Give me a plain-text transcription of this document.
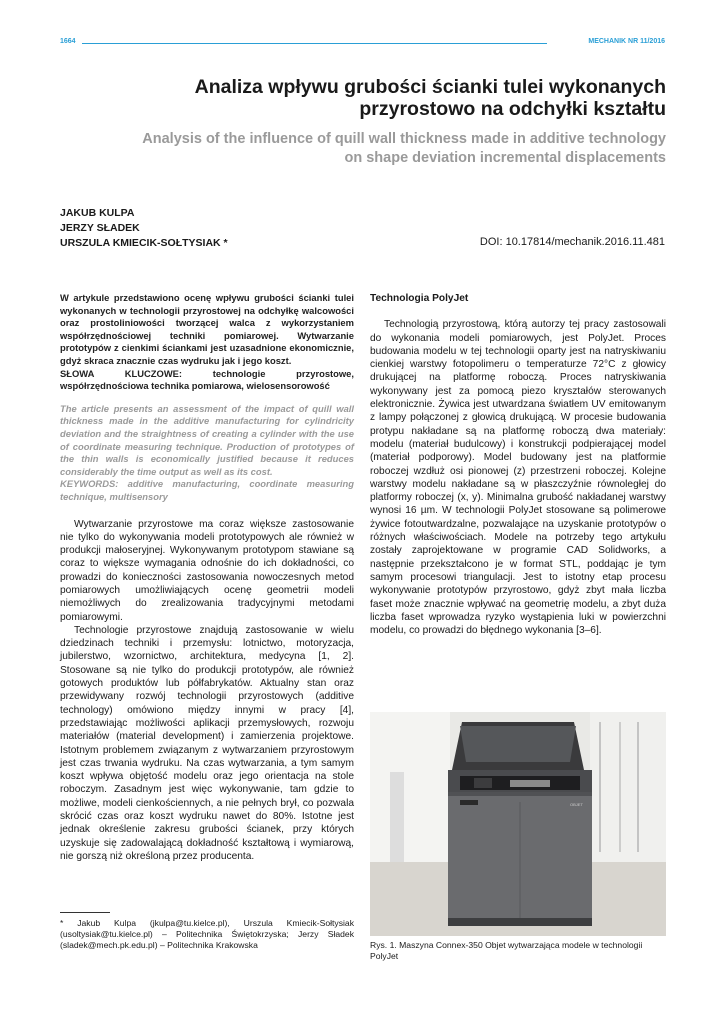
1664	MECHANIK NR 11/2016
Analiza wpływu grubości ścianki tulei wykonanych
przyrostowo na odchyłki kształtu
Analysis of the influence of quill wall thickness made in additive technology
on shape deviation incremental displacements
JAKUB KULPA
JERZY SŁADEK
URSZULA KMIECIK-SOŁTYSIAK *	DOI: 10.17814/mechanik.2016.11.481
W artykule przedstawiono ocenę wpływu grubości ścianki tulei wykonanych w technologii przyrostowej na odchyłkę walcowości oraz prostoliniowości tworzącej walca z wykorzystaniem współrzędnościowej techniki pomiarowej. Wytwarzanie prototypów z cienkimi ściankami jest uzasadnione ekonomicznie, gdyż skraca znacznie czas wydruku jak i jego koszt.
SŁOWA KLUCZOWE: technologie przyrostowe, współrzędnościowa technika pomiarowa, wielosensorowość
The article presents an assessment of the impact of quill wall thickness made in the additive manufacturing for cylindricity deviation and the straightness of creating a cylinder with the use of coordinate measuring technique. Production of prototypes of the thin walls is economically justified because it reduces considerably the time output as well as its cost.
KEYWORDS: additive manufacturing, coordinate measuring technique, multisensory

Wytwarzanie przyrostowe ma coraz większe zastosowanie nie tylko do wykonywania modeli prototypowych ale również w produkcji małoseryjnej. Wykonywanym prototypom stawiane są coraz to większe wymagania odnośnie do ich dokładności, co prowadzi do konieczności zastosowania nowoczesnych metod pomiarowych umożliwiających ocenę geometrii modeli niemożliwych do zrealizowania tradycyjnymi metodami pomiarowymi.

Technologie przyrostowe znajdują zastosowanie w wielu dziedzinach techniki i przemysłu: lotnictwo, motoryzacja, jubilerstwo, wzornictwo, architektura, medycyna [1, 2]. Stosowane są nie tylko do produkcji prototypów, ale również gotowych produktów lub półfabrykatów. Aktualny stan oraz przewidywany rozwój technologii przyrostowych (additive technology) omówiono między innymi w pracy [4], przedstawiając możliwości aplikacji przemysłowych, rozwoju materiałów (material development) i zamierzenia projektowe. Istotnym problemem związanym z wytwarzaniem przyrostowym jest czas trwania wydruku. Na czas wytwarzania, a tym samym koszt wpływa objętość modelu oraz jego orientacja na stole roboczym. Zasadnym jest więc wykonywanie, tam gdzie to możliwe, modeli cienkościennych, a nie pełnych brył, co pozwala skrócić czas oraz koszt wydruku nawet do 80%. Istotne jest jednak określenie zakresu grubości ścianek, przy których uzyskuje się zadowalającą dokładność kształtową i wymiarową, nie gorszą niż określoną przez producenta.

* Jakub Kulpa (jkulpa@tu.kielce.pl), Urszula Kmiecik-Sołtysiak (usoltysiak@tu.kielce.pl) – Politechnika Świętokrzyska; Jerzy Sładek (sladek@mech.pk.edu.pl) – Politechnika Krakowska
Technologia PolyJet

Technologią przyrostową, którą autorzy tej pracy zastosowali do wykonania modeli pomiarowych, jest PolyJet. Proces budowania modelu w tej technologii oparty jest na natryskiwaniu cienkiej warstwy fotopolimeru o temperaturze 72°C z głowicy drukującej na platformę roboczą. Proces natryskiwania wykonywany jest za pomocą piezo kryształów sterowanych elektronicznie. Żywica jest utwardzana światłem UV emitowanym z lampy połączonej z głowicą drukującą. W procesie budowania protypu nakładane są na platformę roboczą dwa materiały: modelu (materiał budulcowy) i konstrukcji podpierającej model (materiał podporowy). Model budowany jest na platformie roboczej wzdłuż osi pionowej (z) przestrzeni roboczej. Kolejne warstwy modelu nakładane są w płaszczyźnie równoległej do platformy roboczej (x, y). Minimalna grubość nakładanej warstwy wynosi 16 µm. W technologii PolyJet stosowane są polimerowe żywice fotoutwardzalne, pozwalające na uzyskanie prototypów o różnych właściwościach. Modele na potrzeby tego artykułu zostały zaprojektowane w programie CAD Solidworks, a następnie przekształcono je w format STL, poddając je tym samym procesowi triangulacji. Jest to istotny etap procesu wykonywanie prototypów przyrostowo, gdyż zbyt mała liczba faset może znacznie wpływać na geometrię modelu, a zbyt duża liczba faset wprowadza ryzyko wystąpienia luki w powierzchni modelu, co prowadzi do błędnego wykonania [3–6].

OBJET
Rys. 1. Maszyna Connex-350 Objet wytwarzająca modele w technologii PolyJet
